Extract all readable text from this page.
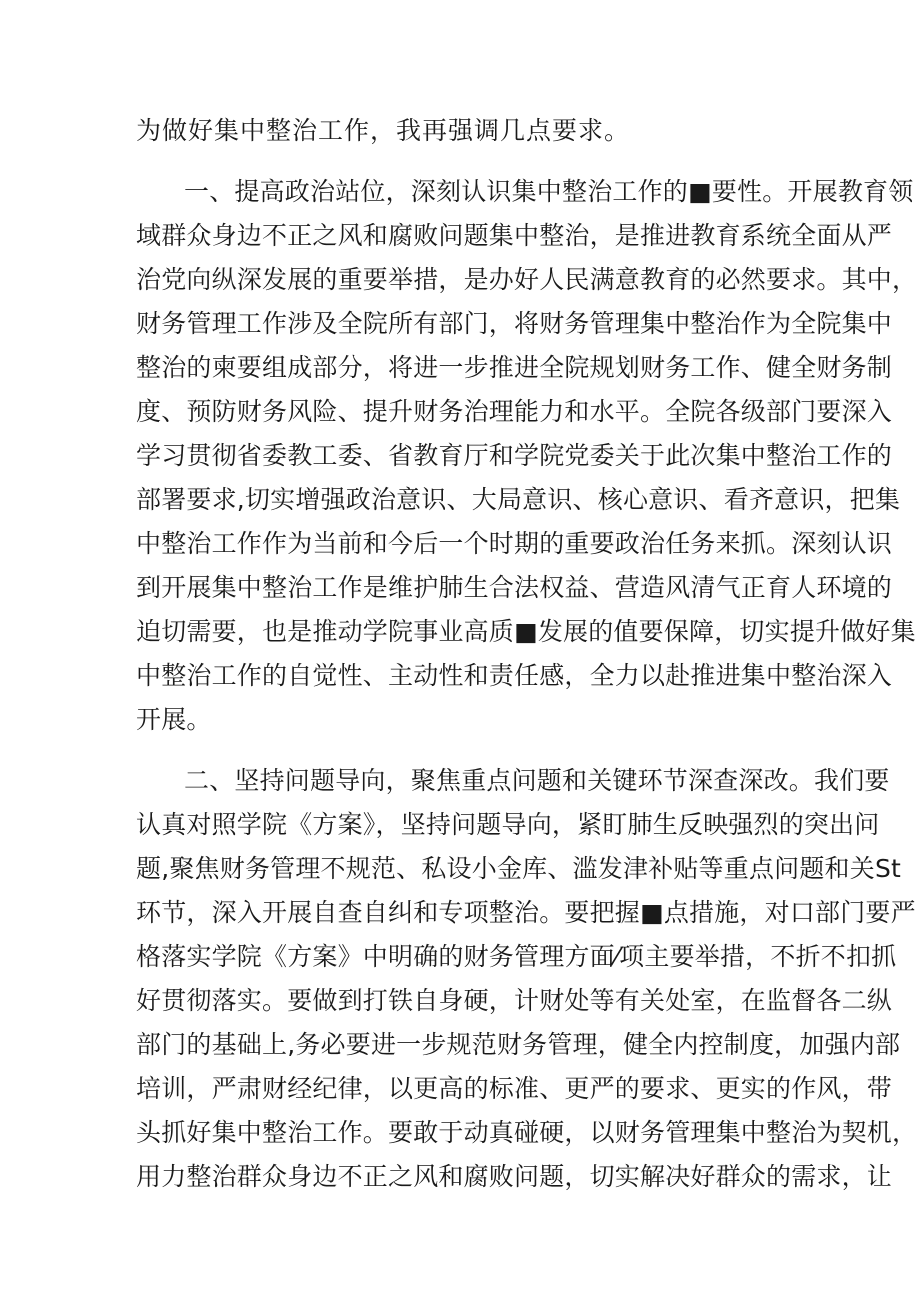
为做好集中整治工作，我再强调几点要求。
一、提高政治站位，深刻认识集中整治工作的■要性。开展教育领
域群众身边不正之风和腐败问题集中整治，是推进教育系统全面从严
治党向纵深发展的重要举措，是办好人民满意教育的必然要求。其中，
财务管理工作涉及全院所有部门，将财务管理集中整治作为全院集中
整治的柬要组成部分，将进一步推进全院规划财务工作、健全财务制
度、预防财务风险、提升财务治理能力和水平。全院各级部门要深入
学习贯彻省委教工委、省教育厅和学院党委关于此次集中整治工作的
部署要求,切实增强政治意识、大局意识、核心意识、看齐意识，把集
中整治工作作为当前和今后一个时期的重要政治任务来抓。深刻认识
到开展集中整治工作是维护肺生合法权益、营造风清气正育人环境的
迫切需要，也是推动学院事业高质■发展的值要保障，切实提升做好集
中整治工作的自觉性、主动性和责任感，全力以赴推进集中整治深入
开展。
二、坚持问题导向，聚焦重点问题和关键环节深查深改。我们要
认真对照学院《方案》，坚持问题导向，紧盯肺生反映强烈的突出问
题,聚焦财务管理不规范、私设小金库、滥发津补贴等重点问题和关St
环节，深入开展自查自纠和专项整治。要把握■点措施，对口部门要严
格落实学院《方案》中明确的财务管理方面⁄项主要举措，不折不扣抓
好贯彻落实。要做到打铁自身硬，计财处等有关处室，在监督各二纵
部门的基础上,务必要进一步规范财务管理，健全内控制度，加强内部
培训，严肃财经纪律，以更高的标准、更严的要求、更实的作风，带
头抓好集中整治工作。要敢于动真碰硬，以财务管理集中整治为契机，
用力整治群众身边不正之风和腐败问题，切实解决好群众的需求，让
